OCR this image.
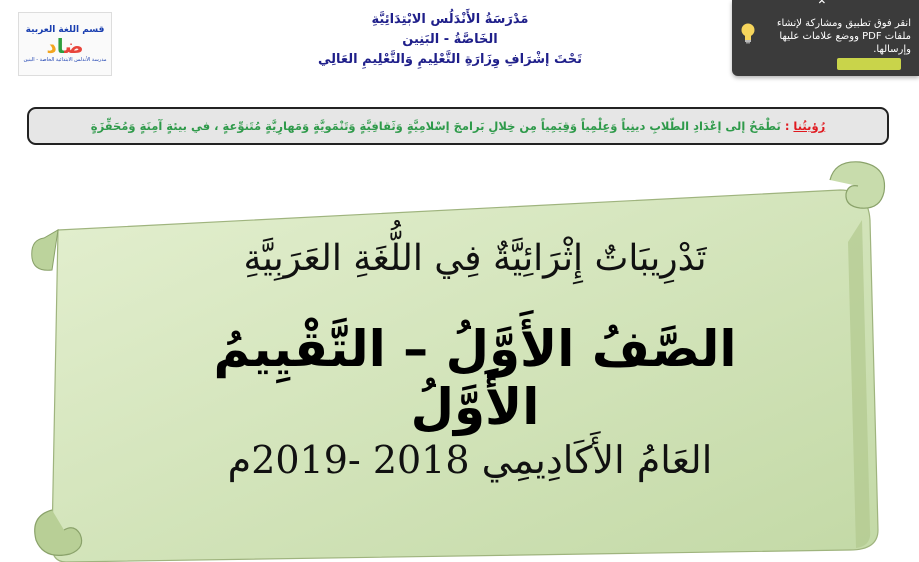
قسم اللغة العربية
ضاد
مدرسة الأندلس الابتدائية الخاصة - البنين
مَدْرَسَةُ الأَنْدَلُس الابْتِدَائِيَّةِ
الخَاصَّةُ - البَنِين
تَحْتَ إشْرَافِ وِزَارَةِ التَّعْلِيمِ وَالتَّعْلِيمِ العَالِي
⌃
انقر فوق تطبيق ومشاركة لإنشاء ملفات PDF ووضع علامات عليها وإرسالها.
رُؤيتُنا
:
نَطْمَحُ إلى إعْدَادِ الطّلابِ دينِياً وَعِلْمِياً وَقِيَمِياً مِن خِلالِ بَرامجَ إسْلامِيَّةٍ وَثَقافِيَّةٍ وَتَنْمَويَّةٍ وَمَهارِيَّةٍ مُتَنوِّعةٍ ، في بيئةٍ آمِنَةٍ وَمُحَفِّزَةٍ
تَدْرِيبَاتٌ إِثْرَائِيَّةٌ فِي اللُّغَةِ العَرَبِيَّةِ
الصَّفُ الأَوَّلُ – التَّقْيِيمُ الأَوَّلُ
العَامُ الأَكَادِيمِي 2018 -2019م
